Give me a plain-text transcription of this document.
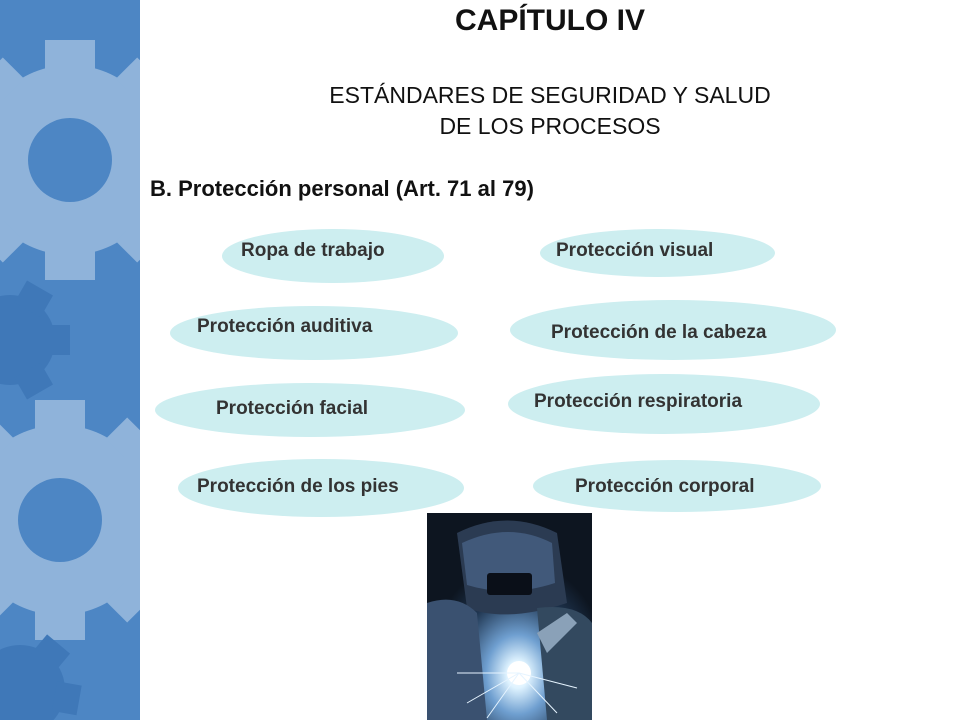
CAPÍTULO IV
ESTÁNDARES DE SEGURIDAD Y SALUD
DE LOS PROCESOS
B. Protección personal (Art. 71 al 79)
Ropa de trabajo
Protección auditiva
Protección facial
Protección de los pies
Protección visual
Protección de la cabeza
Protección respiratoria
Protección corporal
